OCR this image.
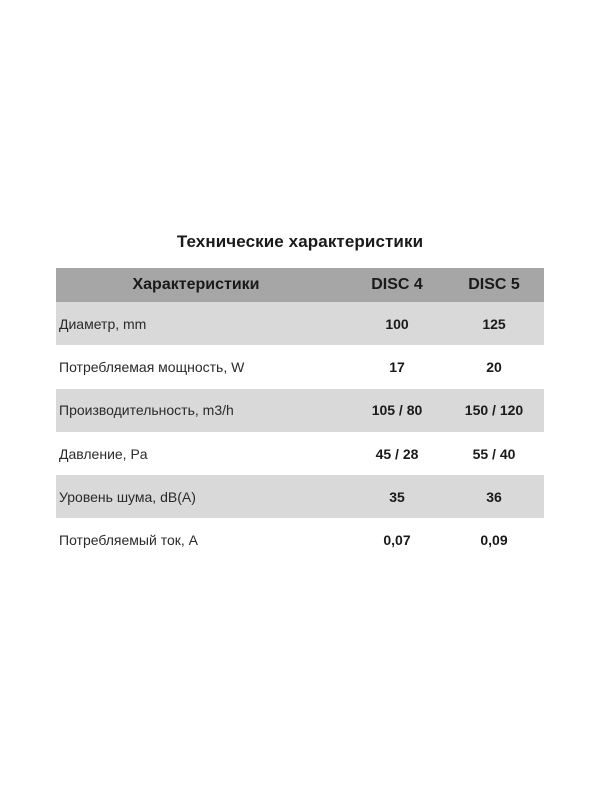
Технические характеристики
Характеристики	DISC 4	DISC 5
Диаметр, mm	100	125
Потребляемая мощность, W	17	20
Производительность, m3/h	105 / 80	150 / 120
Давление, Pa	45 / 28	55 / 40
Уровень шума, dB(A)	35	36
Потребляемый ток, A	0,07	0,09
